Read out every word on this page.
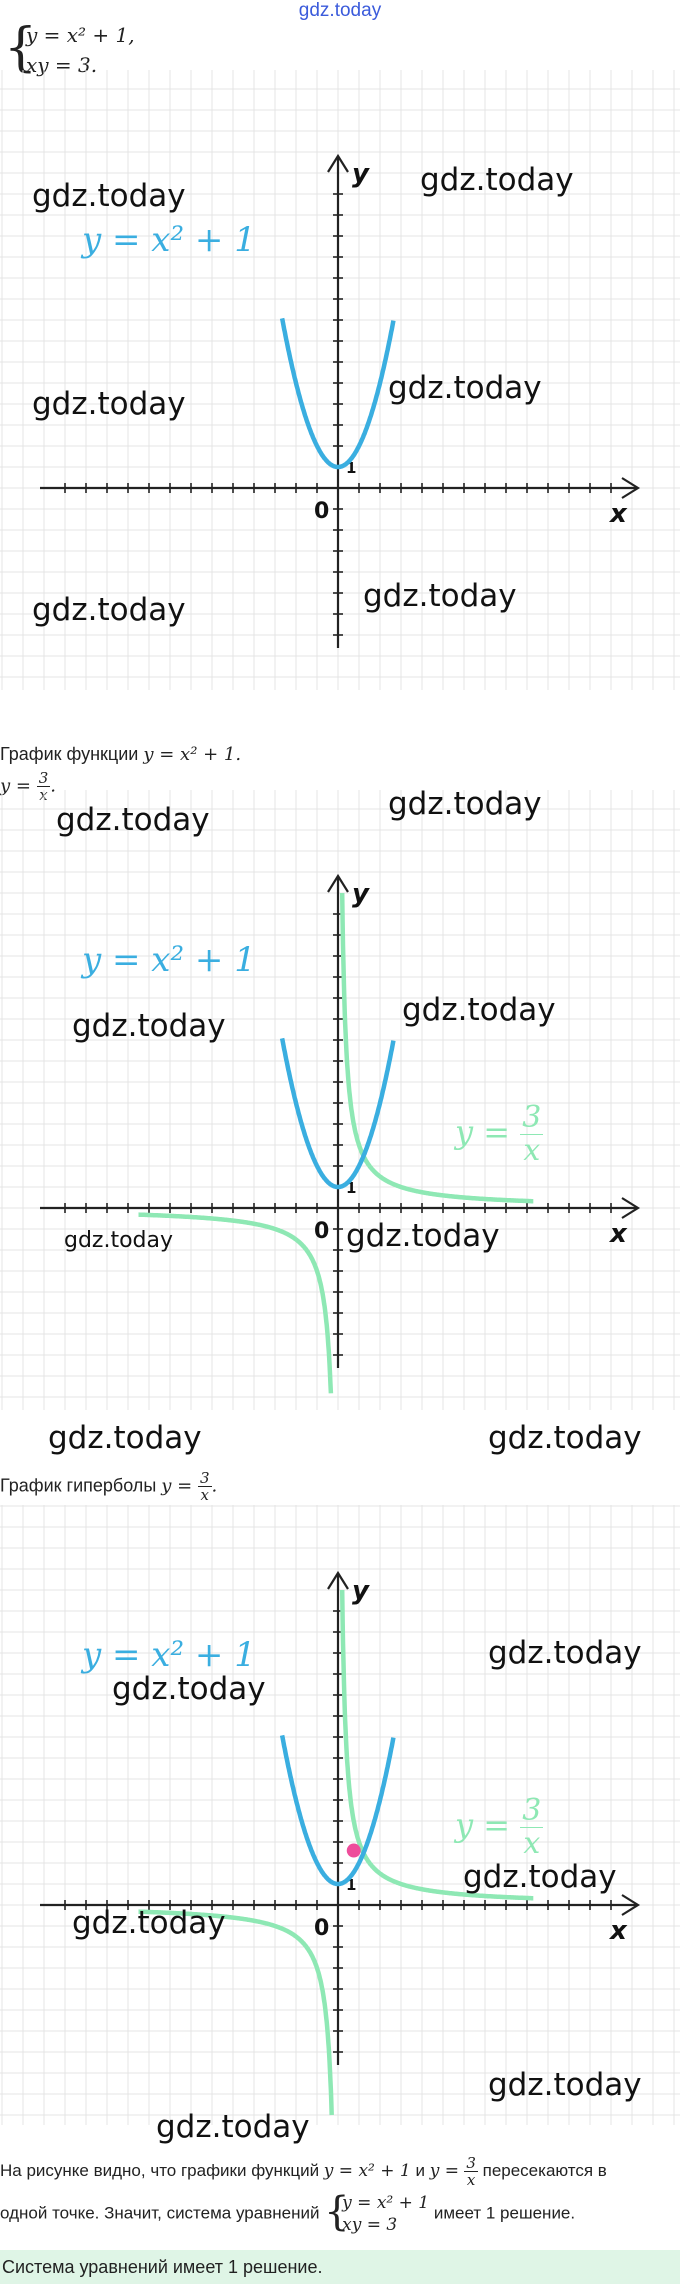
gdz.today
{
y = x² + 1,
xy = 3.
x
y
0
1
y = x² + 1
gdz.today	gdz.today
gdz.today
gdz.today
gdz.today	gdz.today
График функции y = x² + 1.
$y = \frac{3}{x}$ .
x
y
0
1
y = x² + 1
$y = \frac{3}{x}$
gdz.today
gdz.today
gdz.today
gdz.today
gdz.today	gdz.today
gdz.today	gdz.today
График гиперболы $y = \frac{3}{x}$ .
x
y
0
1
y = x² + 1
$y = \frac{3}{x}$
gdz.today
gdz.today
gdz.today
gdz.today
gdz.today
gdz.today
На рисунке видно, что графики функций y = x² + 1 и $y = \frac{3}{x}$ пересекаются в
одной точке. Значит, система уравнений {
y = x² + 1
xy = 3
имеет 1 решение.
Система уравнений имеет 1 решение.
